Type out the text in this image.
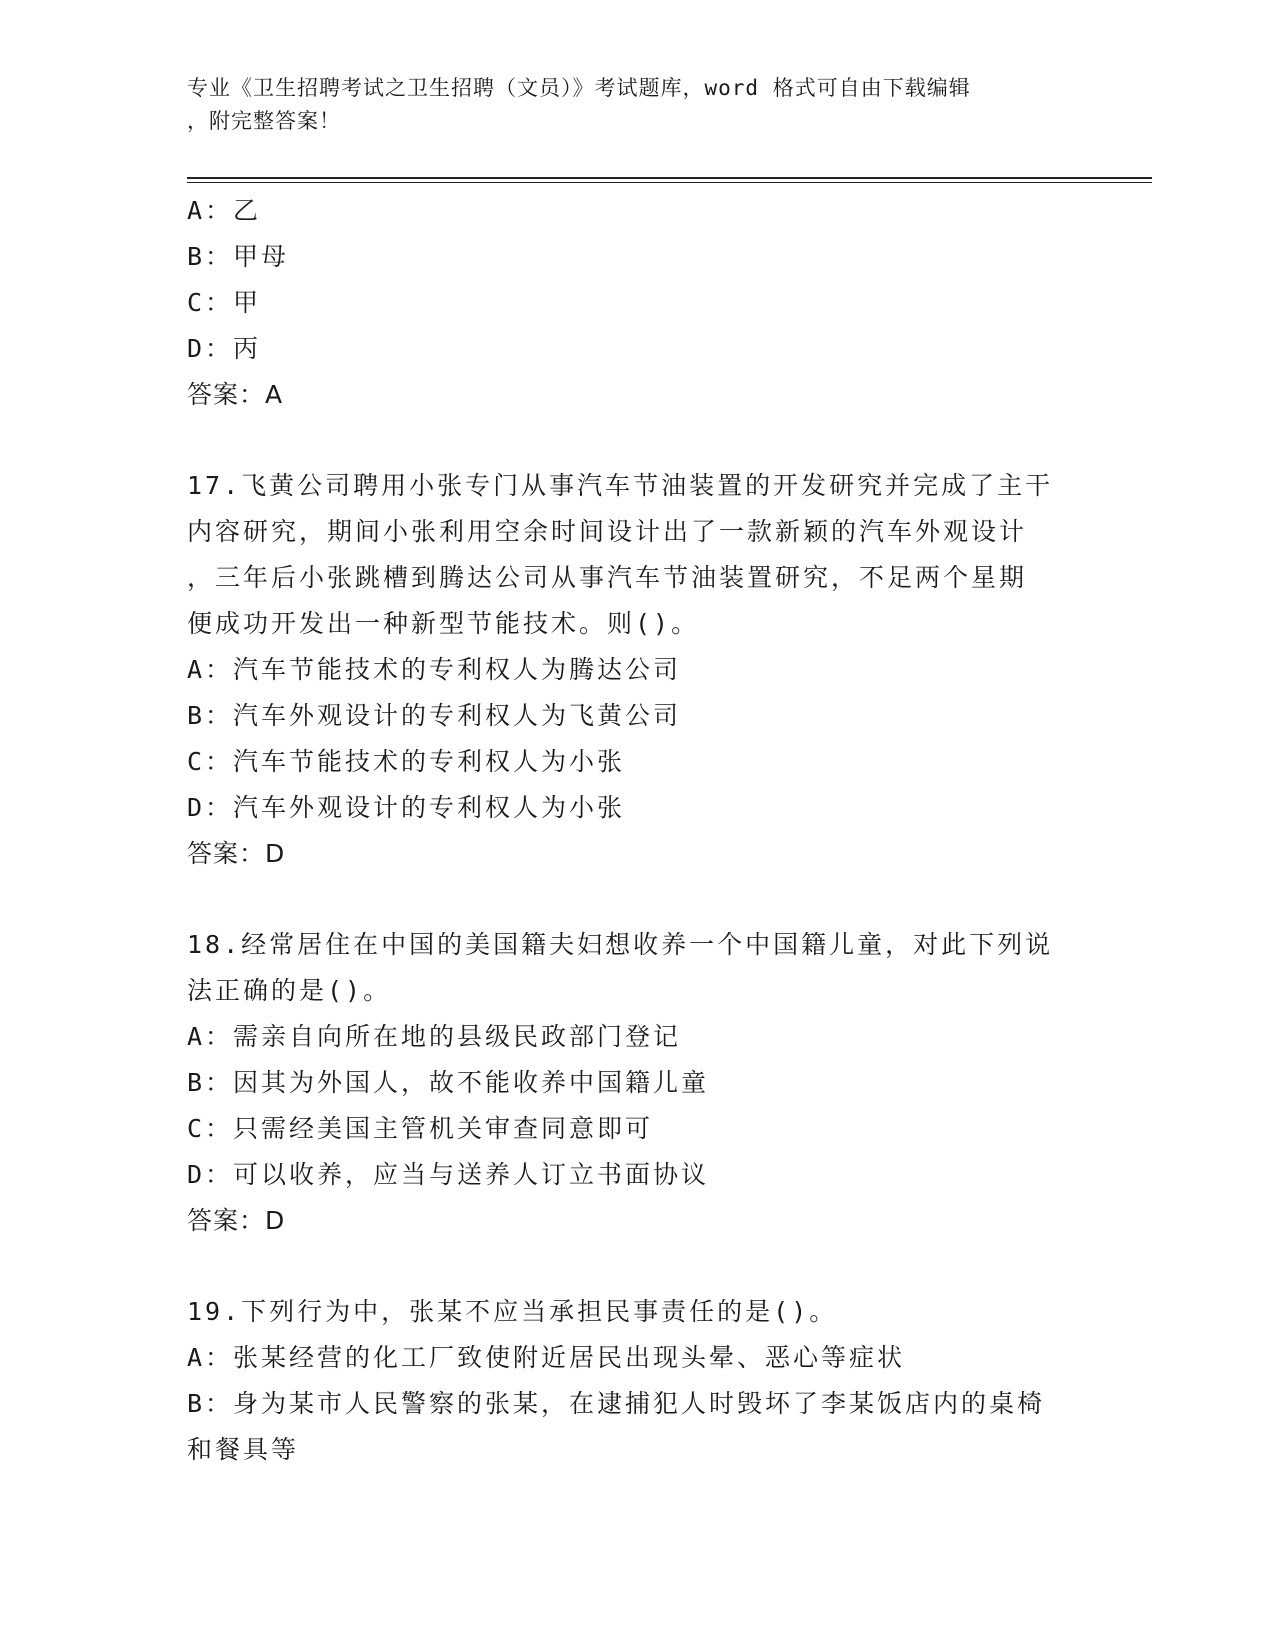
专业《卫生招聘考试之卫生招聘（文员）》考试题库，word 格式可自由下载编辑
，附完整答案！
A：乙
B：甲母
C：甲
D：丙
答案：A
17.飞黄公司聘用小张专门从事汽车节油装置的开发研究并完成了主干
内容研究，期间小张利用空余时间设计出了一款新颖的汽车外观设计
，三年后小张跳槽到腾达公司从事汽车节油装置研究，不足两个星期
便成功开发出一种新型节能技术。则()。
A：汽车节能技术的专利权人为腾达公司
B：汽车外观设计的专利权人为飞黄公司
C：汽车节能技术的专利权人为小张
D：汽车外观设计的专利权人为小张
答案：D
18.经常居住在中国的美国籍夫妇想收养一个中国籍儿童，对此下列说
法正确的是()。
A：需亲自向所在地的县级民政部门登记
B：因其为外国人，故不能收养中国籍儿童
C：只需经美国主管机关审查同意即可
D：可以收养，应当与送养人订立书面协议
答案：D
19.下列行为中，张某不应当承担民事责任的是()。
A：张某经营的化工厂致使附近居民出现头晕、恶心等症状
B：身为某市人民警察的张某，在逮捕犯人时毁坏了李某饭店内的桌椅
和餐具等
